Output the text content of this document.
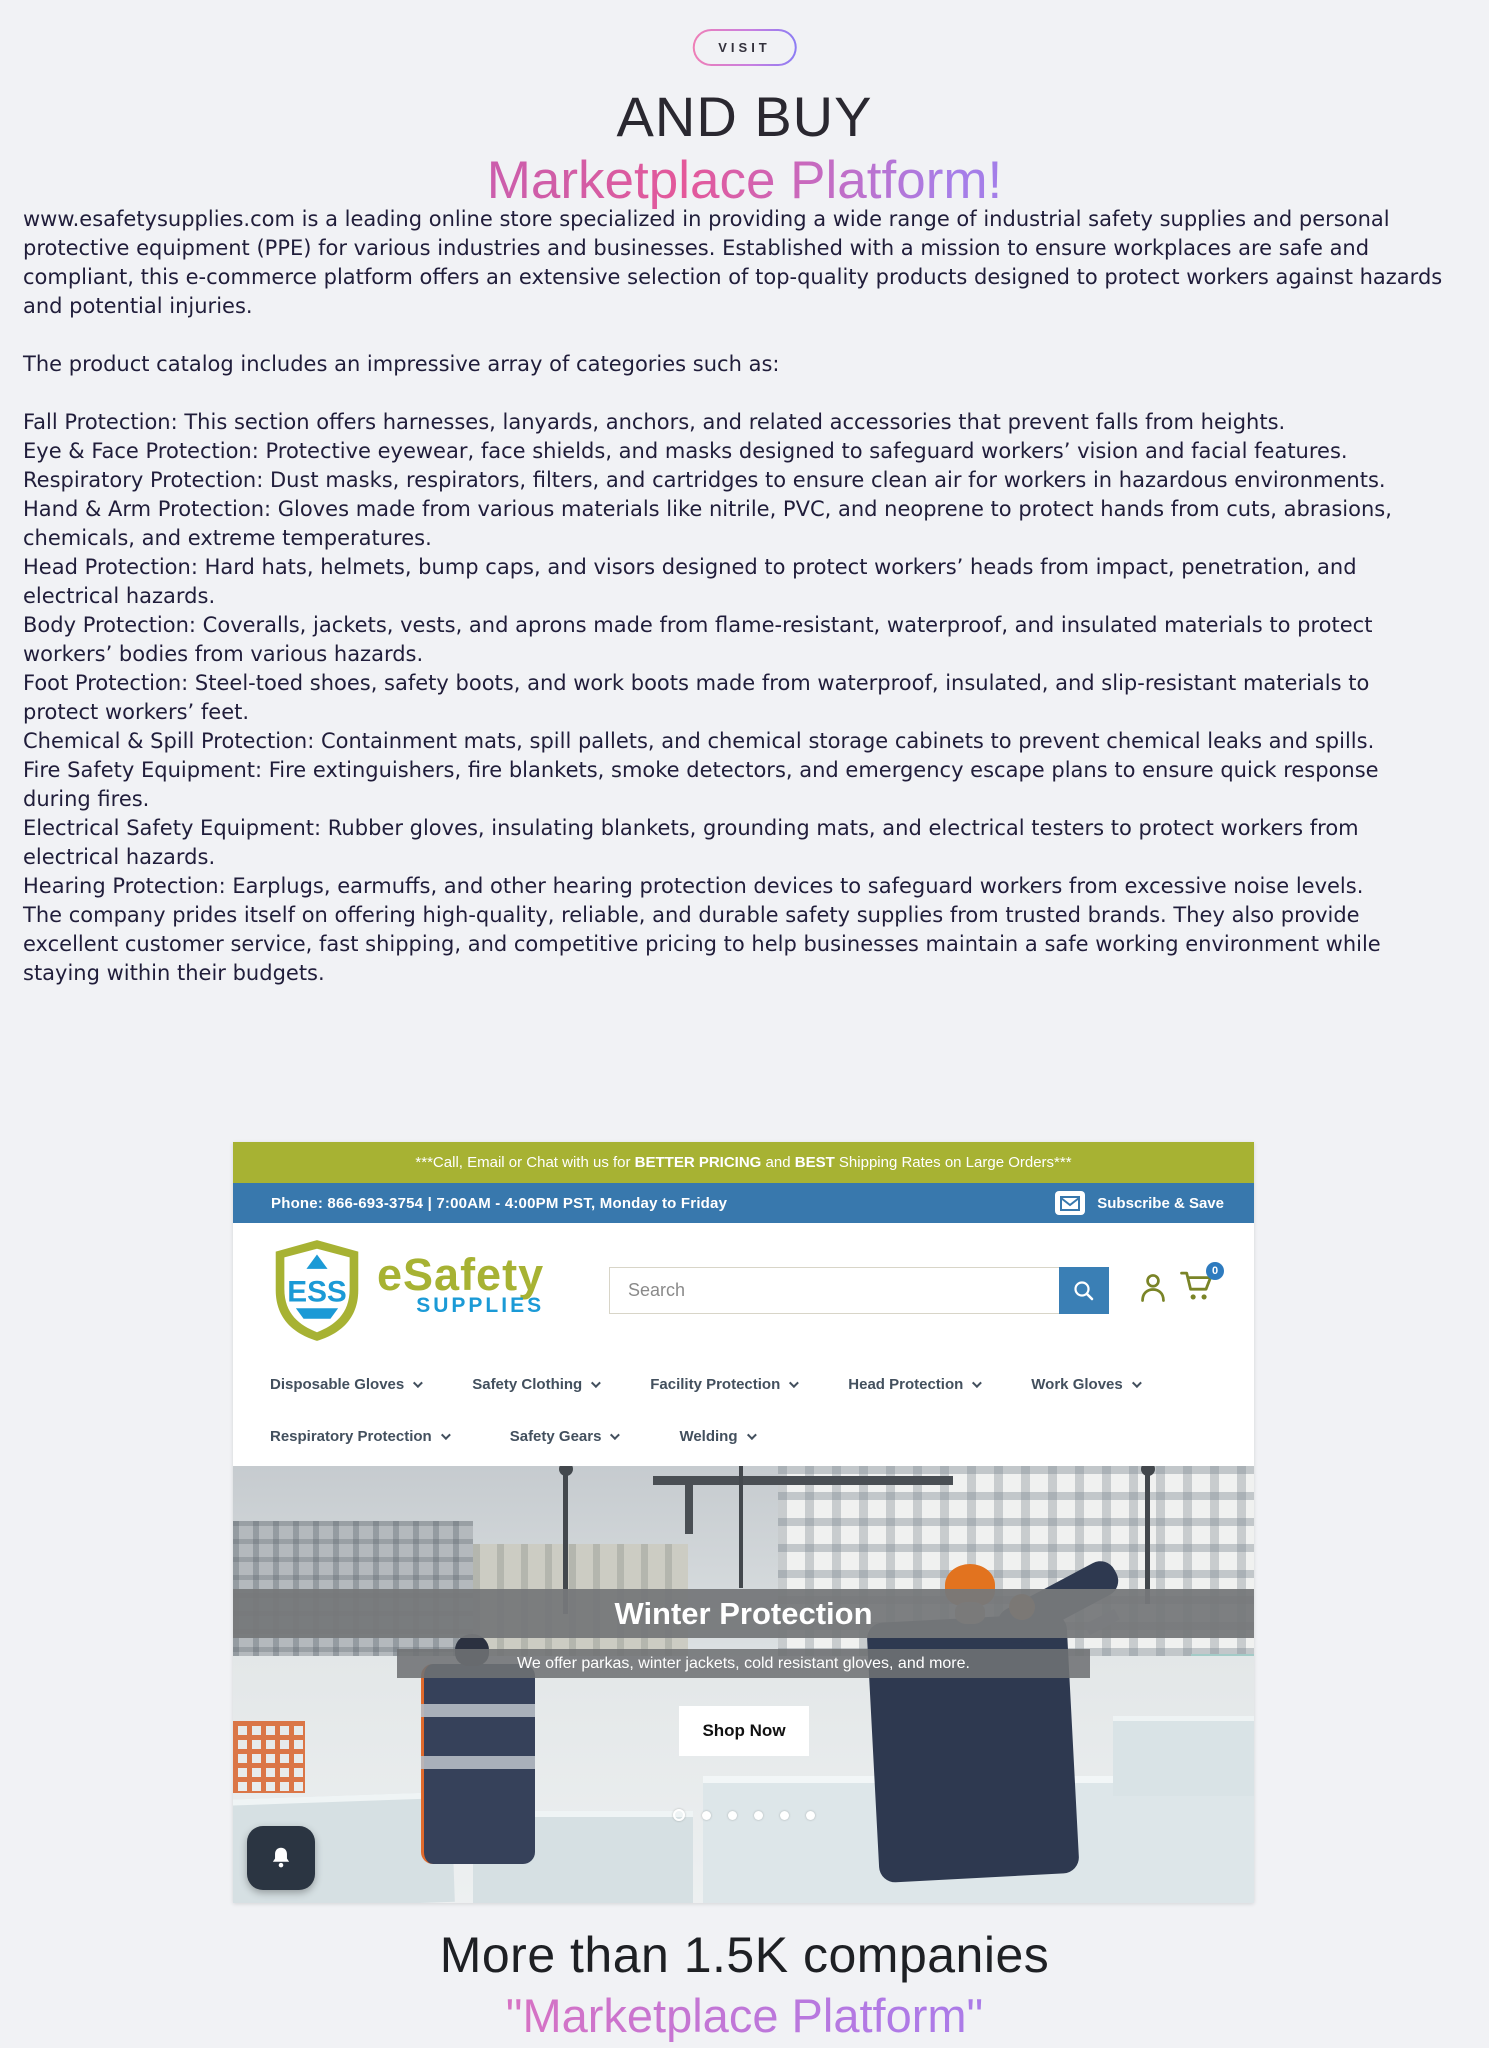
VISIT
AND BUY
Marketplace Platform!

www.esafetysupplies.com is a leading online store specialized in providing a wide range of industrial safety supplies and personal protective equipment (PPE) for various industries and businesses. Established with a mission to ensure workplaces are safe and compliant, this e-commerce platform offers an extensive selection of top-quality products designed to protect workers against hazards and potential injuries.

The product catalog includes an impressive array of categories such as:

Fall Protection: This section offers harnesses, lanyards, anchors, and related accessories that prevent falls from heights.
Eye & Face Protection: Protective eyewear, face shields, and masks designed to safeguard workers’ vision and facial features.
Respiratory Protection: Dust masks, respirators, filters, and cartridges to ensure clean air for workers in hazardous environments.
Hand & Arm Protection: Gloves made from various materials like nitrile, PVC, and neoprene to protect hands from cuts, abrasions, chemicals, and extreme temperatures.
Head Protection: Hard hats, helmets, bump caps, and visors designed to protect workers’ heads from impact, penetration, and electrical hazards.
Body Protection: Coveralls, jackets, vests, and aprons made from flame-resistant, waterproof, and insulated materials to protect workers’ bodies from various hazards.
Foot Protection: Steel-toed shoes, safety boots, and work boots made from waterproof, insulated, and slip-resistant materials to protect workers’ feet.
Chemical & Spill Protection: Containment mats, spill pallets, and chemical storage cabinets to prevent chemical leaks and spills.
Fire Safety Equipment: Fire extinguishers, fire blankets, smoke detectors, and emergency escape plans to ensure quick response during fires.
Electrical Safety Equipment: Rubber gloves, insulating blankets, grounding mats, and electrical testers to protect workers from electrical hazards.
Hearing Protection: Earplugs, earmuffs, and other hearing protection devices to safeguard workers from excessive noise levels.
The company prides itself on offering high-quality, reliable, and durable safety supplies from trusted brands. They also provide excellent customer service, fast shipping, and competitive pricing to help businesses maintain a safe working environment while staying within their budgets.
***Call, Email or Chat with us for BETTER PRICING and BEST Shipping Rates on Large Orders***
Phone: 866-693-3754 | 7:00AM - 4:00PM PST, Monday to Friday	Subscribe & Save
ESS eSafety
SUPPLIES
Search
0
Disposable Gloves	Safety Clothing	Facility Protection	Head Protection	Work Gloves
Respiratory Protection	Safety Gears	Welding
Winter Protection
We offer parkas, winter jackets, cold resistant gloves, and more.
Shop Now
More than 1.5K companies
"Marketplace Platform"
